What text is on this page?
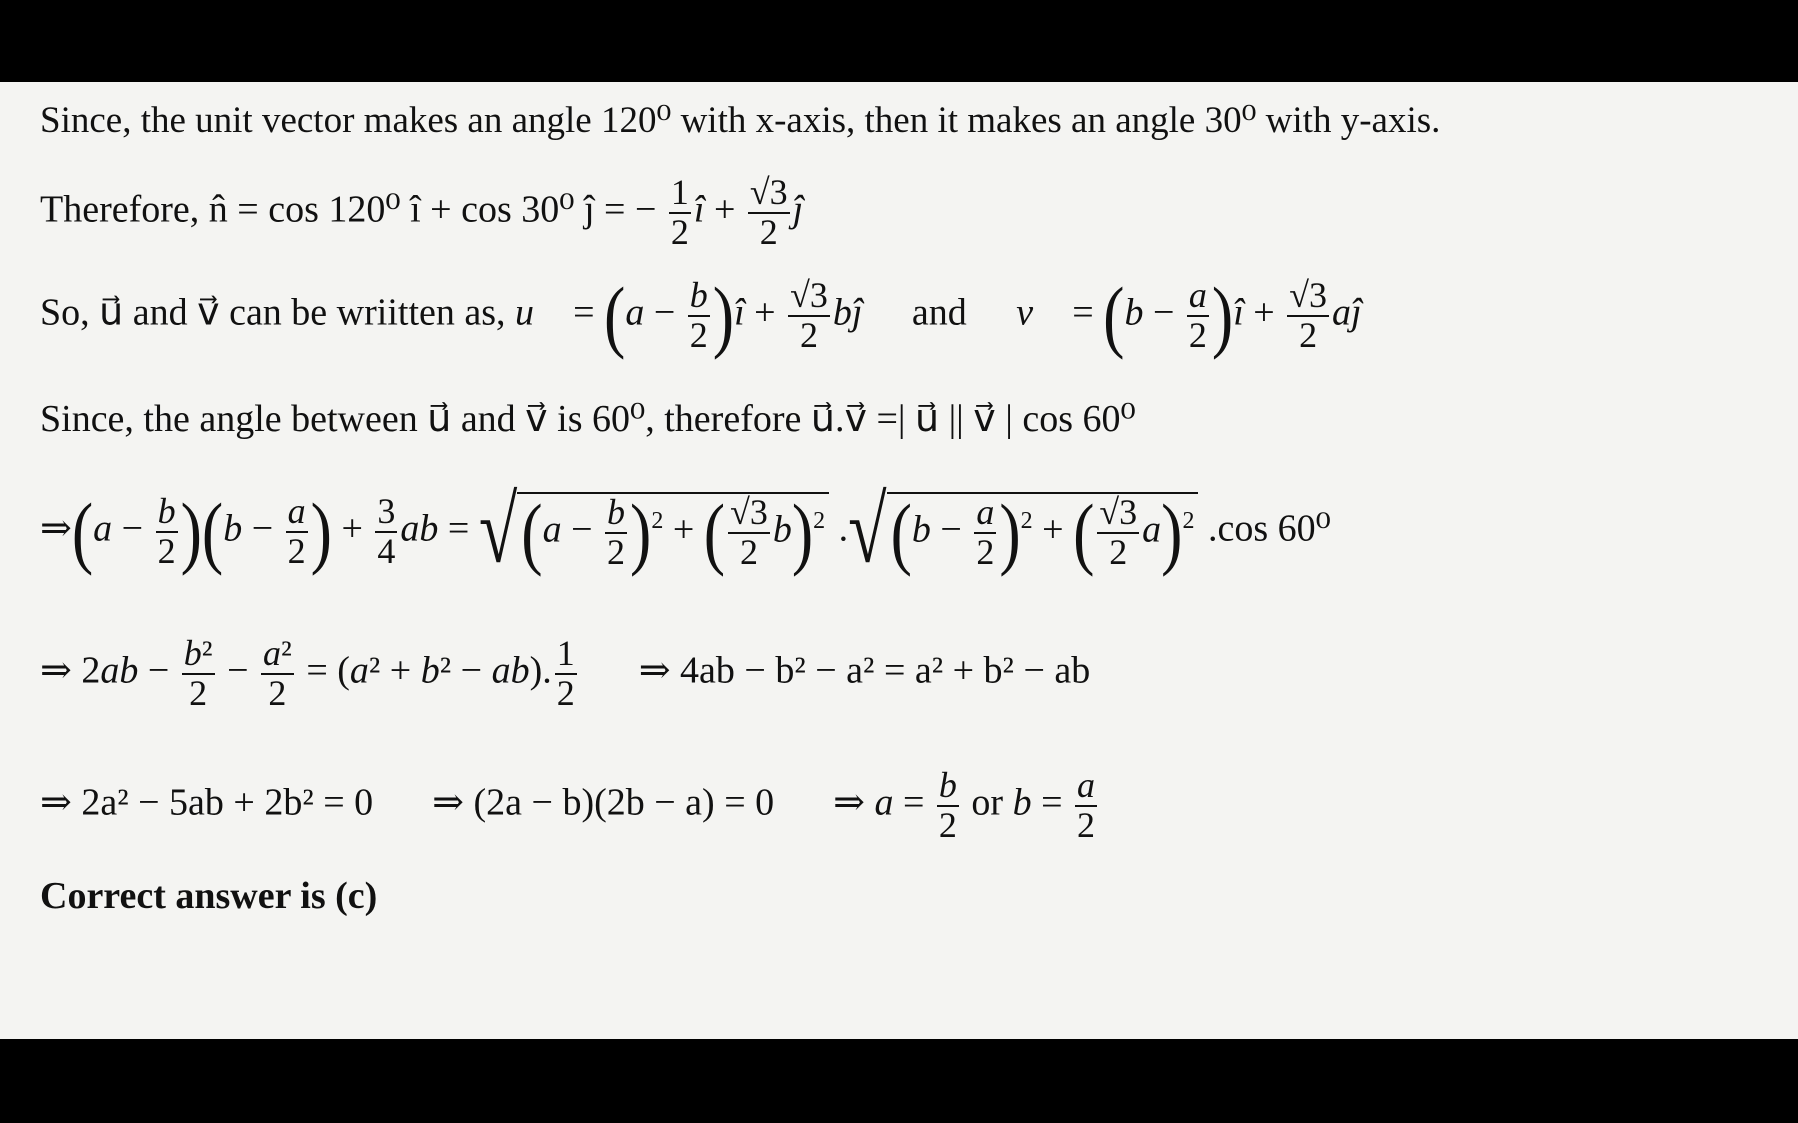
Since, the unit vector makes an angle 120⁰ with x-axis, then it makes an angle 30⁰ with y-axis.
Therefore, n̂ = cos 120⁰ î + cos 30⁰ ĵ = − $\frac{1}{2}$ î + $\frac{√3}{2}$ ĵ
So, u⃗ and v⃗ can be wriitten as, u⃗ = ($a - \frac{b}{2}$ )î + $\frac{√3}{2}$ bĵ and v⃗ = ($b - \frac{a}{2}$ )î + $\frac{√3}{2}$ aĵ
Since, the angle between u⃗ and v⃗ is 60⁰, therefore u⃗.v⃗ =| u⃗ || v⃗ | cos 60⁰
⇒(a − $\frac{b}{2} )(b - \frac{a}{2}$ ) + $\frac{3}{4}$ ab = $√(a - \frac{b}{2} )^2$ + ( $\frac{√3}{2} b)^2$ $.√(b - \frac{a}{2} )^2$ + ( $\frac{√3}{2} a)^2$ .cos 60⁰
⇒ $2ab - \frac{\text{b²}}{2} - \frac{\text{a²}}{2} = (a^2 + b^2 - ab)$. $\frac{1}{2}$ ⇒ 4ab − b² − a² = a² + b² − ab
⇒ 2a² − 5ab + 2b² = 0 ⇒ (2a − b)(2b − a) = 0  ⇒ $a = \frac{b}{2}$ or $b = \frac{a}{2}$
Correct answer is (c)
